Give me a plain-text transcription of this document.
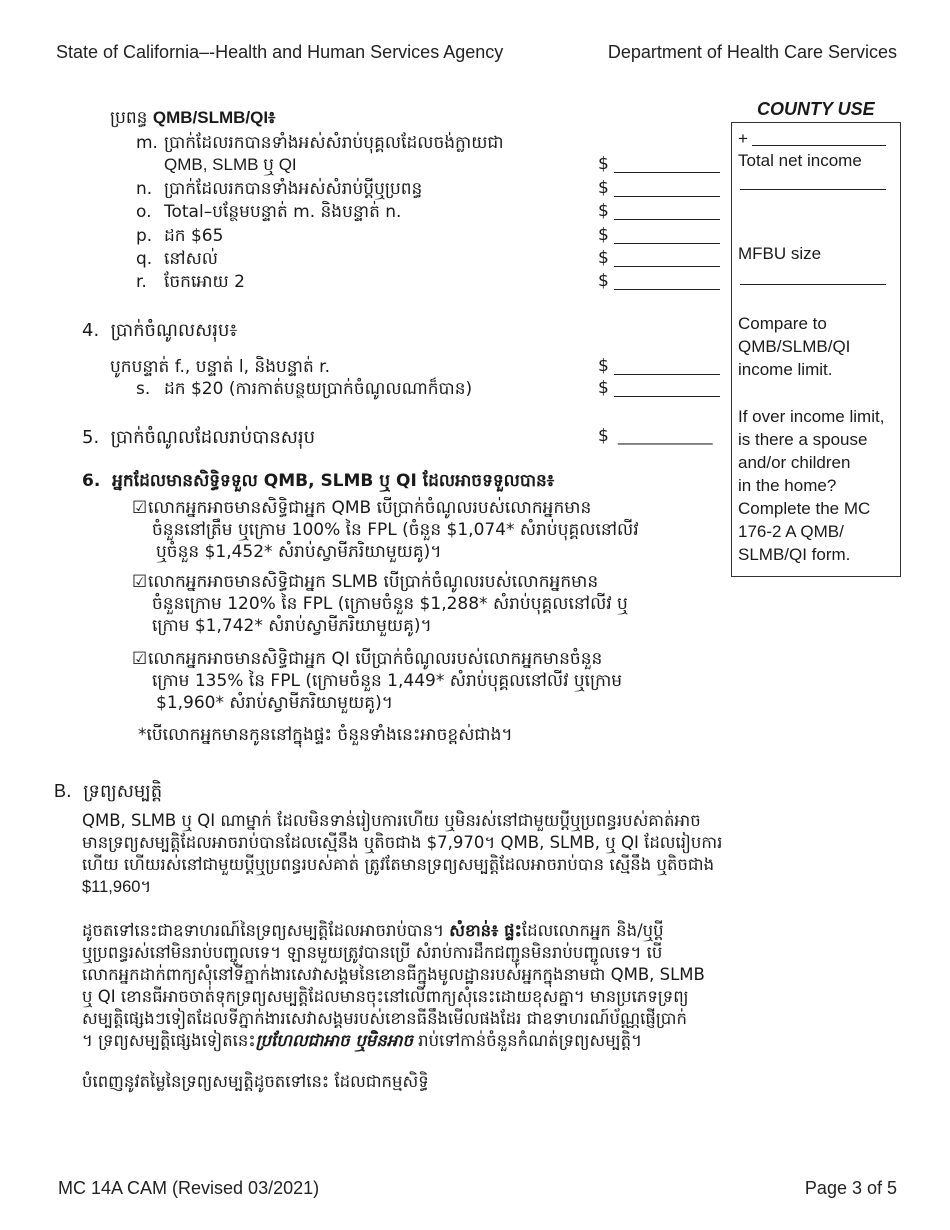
State of California–-Health and Human Services Agency	Department of Health Care Services
ប្រពន្ធ QMB/SLMB/QI៖
m. ប្រាក់ដែលរកបានទាំងអស់សំរាប់បុគ្គលដែលចង់ក្លាយជា
QMB, SLMB ឬ QI	$
n. ប្រាក់ដែលរកបានទាំងអស់សំរាប់ប្តីឬប្រពន្ធ	$
o. Total–បន្ថែមបន្ទាត់ m. និងបន្ទាត់ n.	$
p. ដក $65	$
q. នៅសល់	$
r. ចែកអោយ 2	$
4.  ប្រាក់ចំណូលសរុប៖
បូកបន្ទាត់ f., បន្ទាត់ l, និងបន្ទាត់ r.	$
s. ដក $20 (ការកាត់បន្ថយប្រាក់ចំណូលណាក៏បាន)	$
5.  ប្រាក់ចំណូលដែលរាប់បានសរុប	$ __________
6.  អ្នកដែលមានសិទ្ធិទទួល QMB, SLMB ឬ QI ដែលអាចទទួលបាន៖
☑លោកអ្នកអាចមានសិទ្ធិជាអ្នក QMB បើប្រាក់ចំណូលរបស់លោកអ្នកមាន
ចំនួននៅត្រឹម ឬក្រោម 100% នៃ FPL (ចំនួន $1,074* សំរាប់បុគ្គលនៅលីវ
ឬចំនួន $1,452* សំរាប់ស្វាមីភរិយាមួយគូ)។
☑លោកអ្នកអាចមានសិទ្ធិជាអ្នក SLMB បើប្រាក់ចំណូលរបស់លោកអ្នកមាន
ចំនួនក្រោម 120% នៃ FPL (ក្រោមចំនួន $1,288* សំរាប់បុគ្គលនៅលីវ ឬ
ក្រោម $1,742* សំរាប់ស្វាមីភរិយាមួយគូ)។
☑លោកអ្នកអាចមានសិទ្ធិជាអ្នក QI បើប្រាក់ចំណូលរបស់លោកអ្នកមានចំនួន
ក្រោម 135% នៃ FPL (ក្រោមចំនួន 1,449* សំរាប់បុគ្គលនៅលីវ ឬក្រោម
$1,960* សំរាប់ស្វាមីភរិយាមួយគូ)។
*បើលោកអ្នកមានកូននៅក្នុងផ្ទះ ចំនួនទាំងនេះអាចខ្ពស់ជាង។
COUNTY USE
+
Total net income
MFBU size
Compare to
QMB/SLMB/QI
income limit.
If over income limit,
is there a spouse
and/or children
in the home?
Complete the MC
176-2 A QMB/
SLMB/QI form.
B.  ទ្រព្យសម្បត្តិ
QMB, SLMB ឬ QI ណាម្នាក់ ដែលមិនទាន់រៀបការហើយ ឬមិនរស់នៅជាមួយប្តីឬប្រពន្ធរបស់គាត់អាច
មានទ្រព្យសម្បត្តិដែលអាចរាប់បានដែលស្មើនឹង ឬតិចជាង $7,970។ QMB, SLMB, ឬ QI ដែលរៀបការ
ហើយ ហើយរស់នៅជាមួយប្តីឬប្រពន្ធរបស់គាត់ ត្រូវតែមានទ្រព្យសម្បត្តិដែលអាចរាប់បាន ស្មើនឹង ឬតិចជាង
$11,960។
ដូចតទៅនេះជាឧទាហរណ៍នៃទ្រព្យសម្បត្តិដែលអាចរាប់បាន។ សំខាន់៖ ផ្ទះដែលលោកអ្នក និង/ឬប្តី
ឬប្រពន្ធរស់នៅមិនរាប់បញ្ចូលទេ។ ឡានមួយត្រូវបានប្រើ សំរាប់ការដឹកជញ្ជូនមិនរាប់បញ្ចូលទេ។ បើ
លោកអ្នកដាក់ពាក្យសុំនៅទីភ្នាក់ងារសេវាសង្គមនៃខោនធីក្នុងមូលដ្ឋានរបស់អ្នកក្នុងនាមជា QMB, SLMB
ឬ QI ខោនធីអាចចាត់ទុកទ្រព្យសម្បត្តិដែលមានចុះនៅលើពាក្យសុំនេះដោយខុសគ្នា។ មានប្រភេទទ្រព្យ
សម្បត្តិផ្សេងៗទៀតដែលទីភ្នាក់ងារសេវាសង្គមរបស់ខោនធីនឹងមើលផងដែរ ជាឧទាហរណ៍ប័ណ្ណផ្ញើប្រាក់
។ ទ្រព្យសម្បត្តិផ្សេងទៀតនេះប្រហែលជាអាច ឬមិនអាច រាប់ទៅកាន់ចំនួនកំណត់ទ្រព្យសម្បត្តិ។
បំពេញនូវតម្លៃនៃទ្រព្យសម្បត្តិដូចតទៅនេះ ដែលជាកម្មសិទ្ធិ
MC 14A CAM (Revised 03/2021)	Page 3 of 5
